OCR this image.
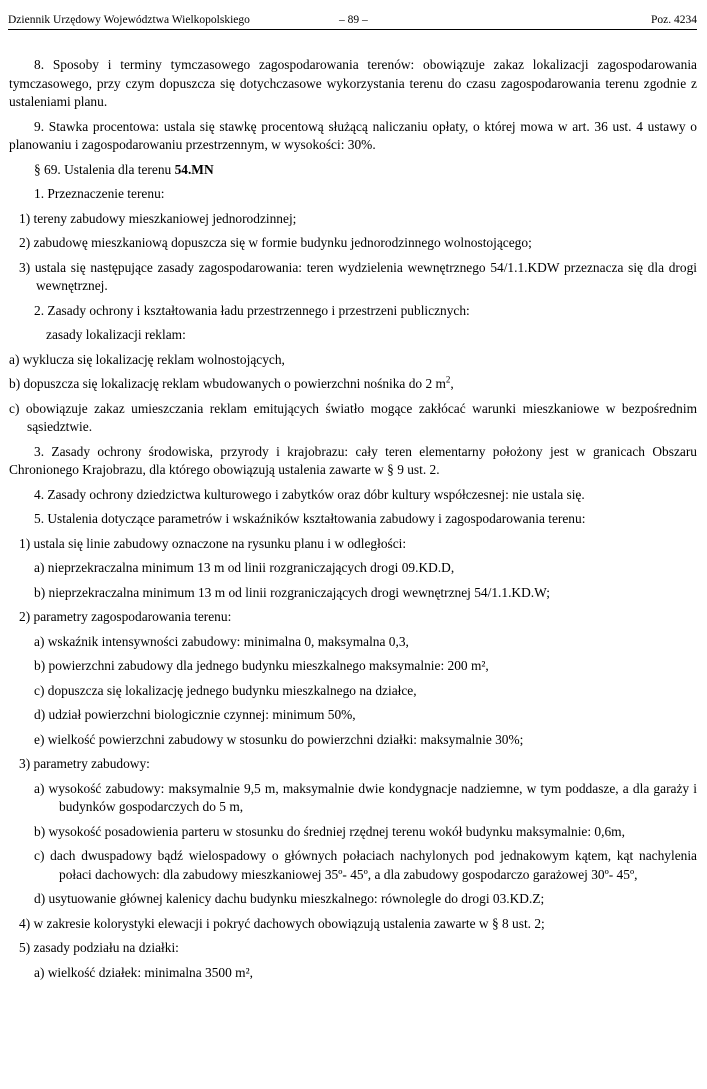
Dziennik Urzędowy Województwa Wielkopolskiego	– 89 –	Poz. 4234
8. Sposoby i terminy tymczasowego zagospodarowania terenów: obowiązuje zakaz lokalizacji zagospodarowania tymczasowego, przy czym dopuszcza się dotychczasowe wykorzystania terenu do czasu zagospodarowania terenu zgodnie z ustaleniami planu.
9. Stawka procentowa: ustala się stawkę procentową służącą naliczaniu opłaty, o której mowa w art. 36 ust. 4 ustawy o planowaniu i zagospodarowaniu przestrzennym, w wysokości: 30%.
§ 69. Ustalenia dla terenu 54.MN
1. Przeznaczenie terenu:
1) tereny zabudowy mieszkaniowej jednorodzinnej;
2) zabudowę mieszkaniową dopuszcza się w formie budynku jednorodzinnego wolnostojącego;
3) ustala się następujące zasady zagospodarowania: teren wydzielenia wewnętrznego 54/1.1.KDW przeznacza się dla drogi wewnętrznej.
2. Zasady ochrony i kształtowania ładu przestrzennego i przestrzeni publicznych:
zasady lokalizacji reklam:
a) wyklucza się lokalizację reklam wolnostojących,
b) dopuszcza się lokalizację reklam wbudowanych o powierzchni nośnika do 2 $m^2$,
c) obowiązuje zakaz umieszczania reklam emitujących światło mogące zakłócać warunki mieszkaniowe w bezpośrednim sąsiedztwie.
3. Zasady ochrony środowiska, przyrody i krajobrazu: cały teren elementarny położony jest w granicach Obszaru Chronionego Krajobrazu, dla którego obowiązują ustalenia zawarte w § 9 ust. 2.
4. Zasady ochrony dziedzictwa kulturowego i zabytków oraz dóbr kultury współczesnej: nie ustala się.
5. Ustalenia dotyczące parametrów i wskaźników kształtowania zabudowy i zagospodarowania terenu:
1) ustala się linie zabudowy oznaczone na rysunku planu i w odległości:
a) nieprzekraczalna minimum 13 m od linii rozgraniczających drogi 09.KD.D,
b) nieprzekraczalna minimum 13 m od linii rozgraniczających drogi wewnętrznej 54/1.1.KD.W;
2) parametry zagospodarowania terenu:
a) wskaźnik intensywności zabudowy: minimalna 0, maksymalna 0,3,
b) powierzchni zabudowy dla jednego budynku mieszkalnego maksymalnie: 200 m²,
c) dopuszcza się lokalizację jednego budynku mieszkalnego na działce,
d) udział powierzchni biologicznie czynnej: minimum 50%,
e) wielkość powierzchni zabudowy w stosunku do powierzchni działki: maksymalnie 30%;
3) parametry zabudowy:
a) wysokość zabudowy: maksymalnie 9,5 m, maksymalnie dwie kondygnacje nadziemne, w tym poddasze, a dla garaży i budynków gospodarczych do 5 m,
b) wysokość posadowienia parteru w stosunku do średniej rzędnej terenu wokół budynku maksymalnie: 0,6m,
c) dach dwuspadowy bądź wielospadowy o głównych połaciach nachylonych pod jednakowym kątem, kąt nachylenia połaci dachowych: dla zabudowy mieszkaniowej 35º- 45º, a dla zabudowy gospodarczo garażowej 30º- 45º,
d) usytuowanie głównej kalenicy dachu budynku mieszkalnego: równolegle do drogi 03.KD.Z;
4) w zakresie kolorystyki elewacji i pokryć dachowych obowiązują ustalenia zawarte w § 8 ust. 2;
5) zasady podziału na działki:
a) wielkość działek: minimalna 3500 m²,
